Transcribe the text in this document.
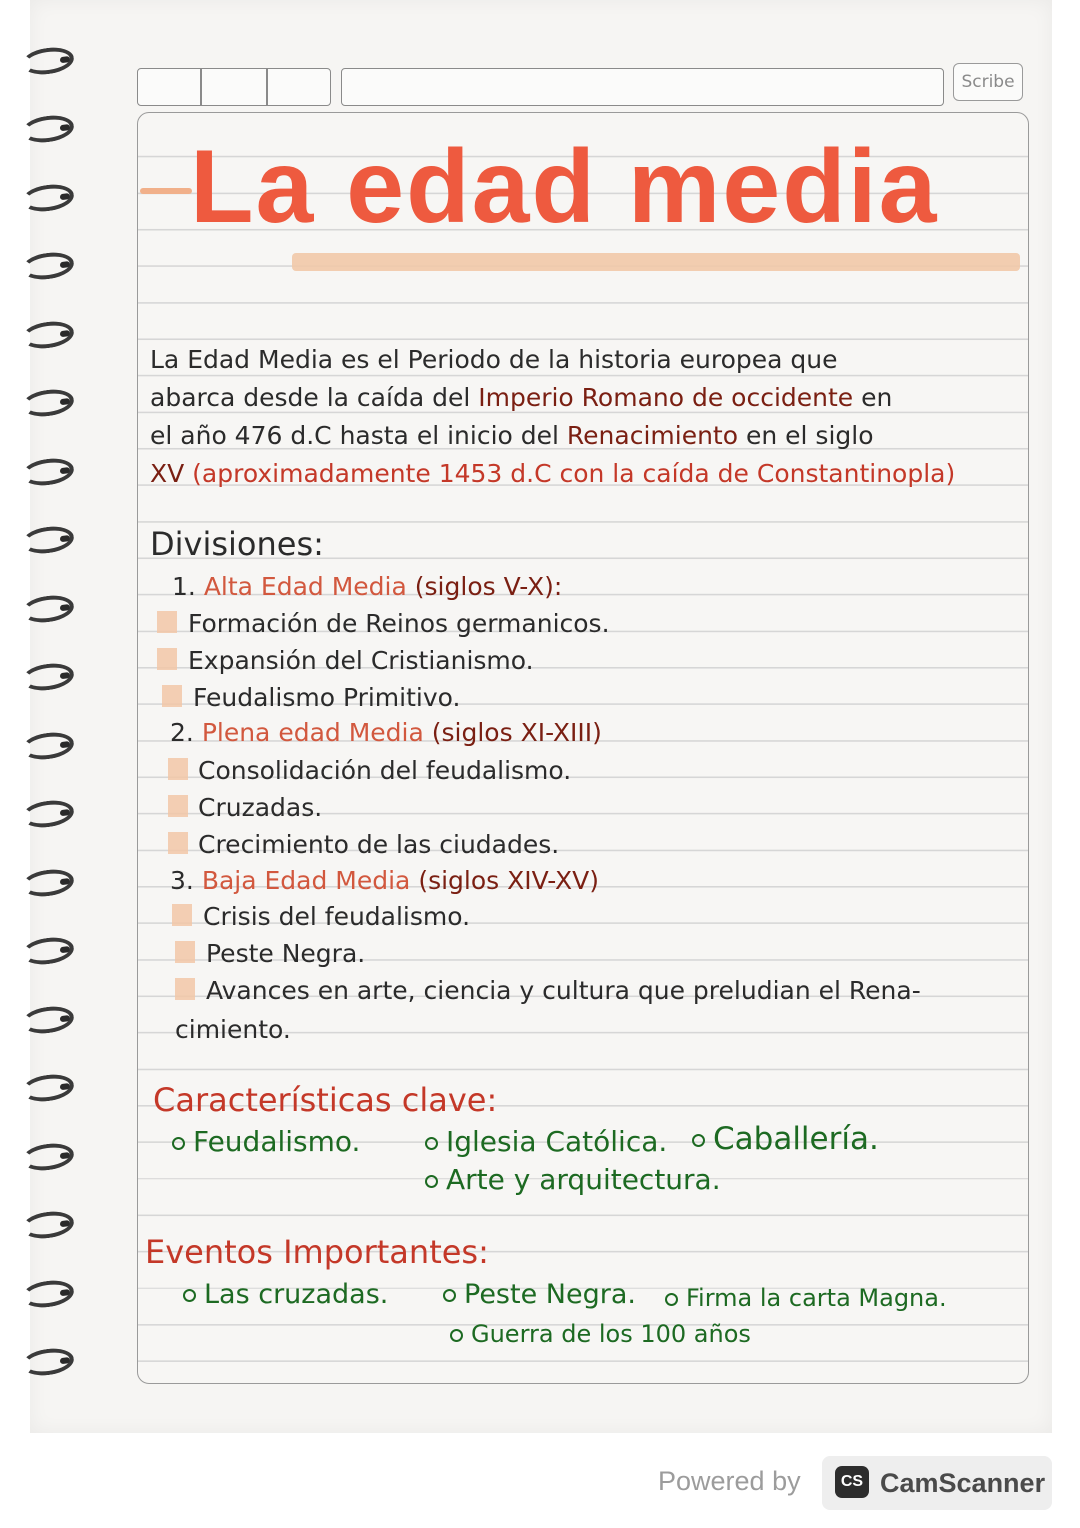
Scribe
La edad media
La Edad Media es el Periodo de la historia europea que
abarca desde la caída del Imperio Romano de occidente en
el año 476 d.C hasta el inicio del Renacimiento en el siglo
XV (aproximadamente 1453 d.C con la caída de Constantinopla)
Divisiones:
1. Alta Edad Media (siglos V-X):
Formación de Reinos germanicos.
Expansión del Cristianismo.
Feudalismo Primitivo.
2. Plena edad Media (siglos XI-XIII)
Consolidación del feudalismo.
Cruzadas.
Crecimiento de las ciudades.
3. Baja Edad Media (siglos XIV-XV)
Crisis del feudalismo.
Peste Negra.
Avances en arte, ciencia y cultura que preludian el Rena-
cimiento.
Características clave:
Feudalismo.	Iglesia Católica.	Caballería.
Arte y arquitectura.
Eventos Importantes:
Las cruzadas.	Peste Negra.	Firma la carta Magna.
Guerra de los 100 años
Powered by	CS CamScanner
